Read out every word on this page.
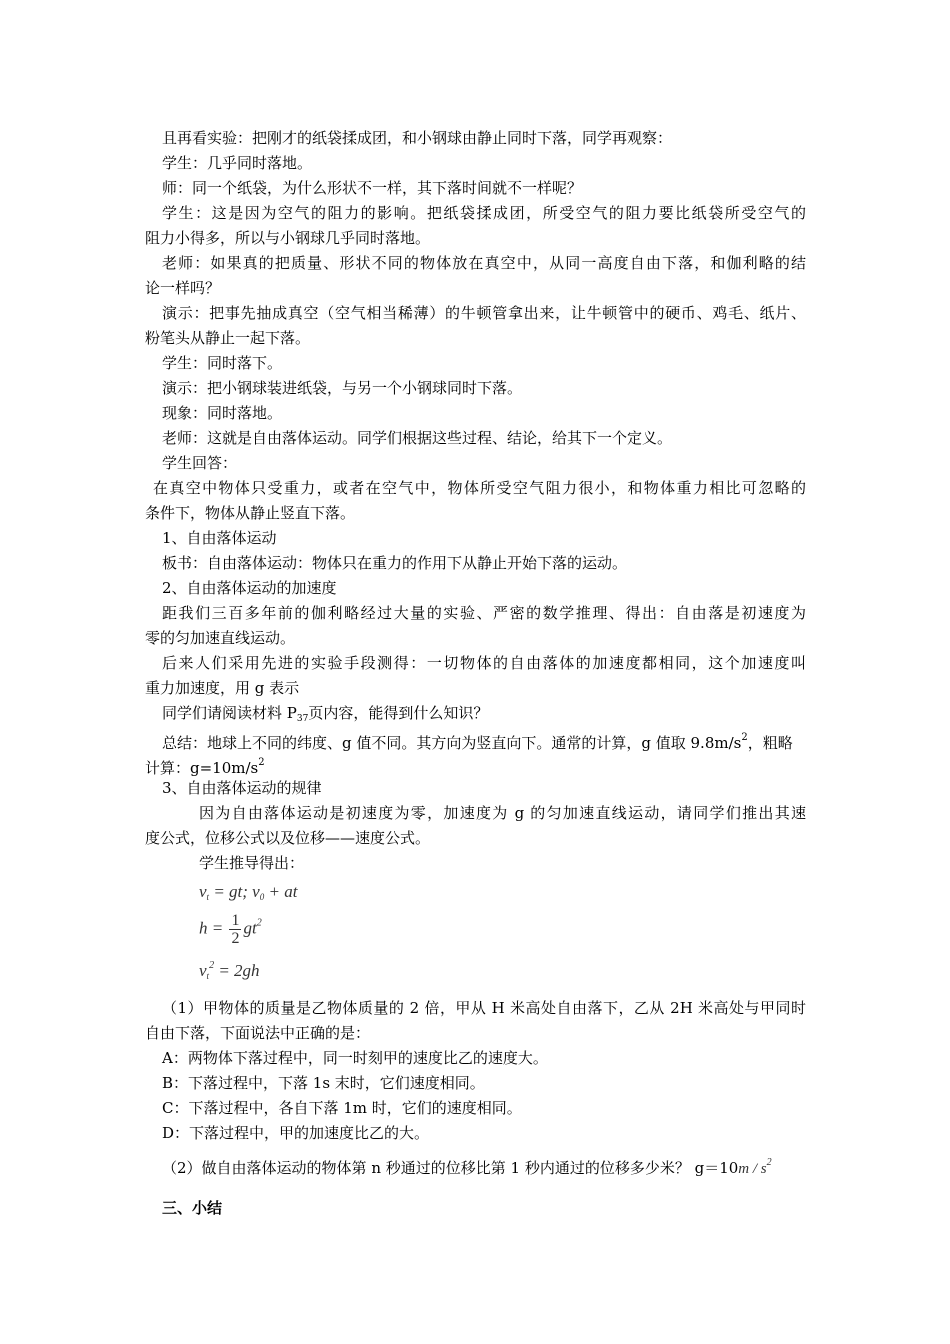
且再看实验：把刚才的纸袋揉成团，和小钢球由静止同时下落，同学再观察：
学生：几乎同时落地。
师：同一个纸袋，为什么形状不一样，其下落时间就不一样呢？
学生：这是因为空气的阻力的影响。把纸袋揉成团，所受空气的阻力要比纸袋所受空气的
阻力小得多，所以与小钢球几乎同时落地。
老师：如果真的把质量、形状不同的物体放在真空中，从同一高度自由下落，和伽利略的结
论一样吗？
演示：把事先抽成真空（空气相当稀薄）的牛顿管拿出来，让牛顿管中的硬币、鸡毛、纸片、
粉笔头从静止一起下落。
学生：同时落下。
演示：把小钢球装进纸袋，与另一个小钢球同时下落。
现象：同时落地。
老师：这就是自由落体运动。同学们根据这些过程、结论，给其下一个定义。
学生回答：
在真空中物体只受重力，或者在空气中，物体所受空气阻力很小，和物体重力相比可忽略的
条件下，物体从静止竖直下落。
1、自由落体运动
板书：自由落体运动：物体只在重力的作用下从静止开始下落的运动。
2、自由落体运动的加速度
距我们三百多年前的伽利略经过大量的实验、严密的数学推理、得出：自由落是初速度为
零的匀加速直线运动。
后来人们采用先进的实验手段测得：一切物体的自由落体的加速度都相同，这个加速度叫
重力加速度，用 g 表示
同学们请阅读材料 $P_{37}$页内容，能得到什么知识？
总结：地球上不同的纬度、g 值不同。其方向为竖直向下。通常的计算，g 值取 $9.8m/s^2$，粗略
计算：$g=10m/s^2$
3、自由落体运动的规律
因为自由落体运动是初速度为零，加速度为 g 的匀加速直线运动，请同学们推出其速
度公式，位移公式以及位移——速度公式。
学生推导得出：
$v_t$ = gt; $v_0$ + at
$h = \frac{1}{2} gt^2$
$v_t^2 = 2gh$
（1）甲物体的质量是乙物体质量的 2 倍，甲从 H 米高处自由落下，乙从 2H 米高处与甲同时
自由下落，下面说法中正确的是：
A：两物体下落过程中，同一时刻甲的速度比乙的速度大。
B：下落过程中，下落 1s 末时，它们速度相同。
C：下落过程中，各自下落 1m 时，它们的速度相同。
D：下落过程中，甲的加速度比乙的大。
（2）做自由落体运动的物体第 n 秒通过的位移比第 1 秒内通过的位移多少米？ $g=10m / s^2$
三、小结
